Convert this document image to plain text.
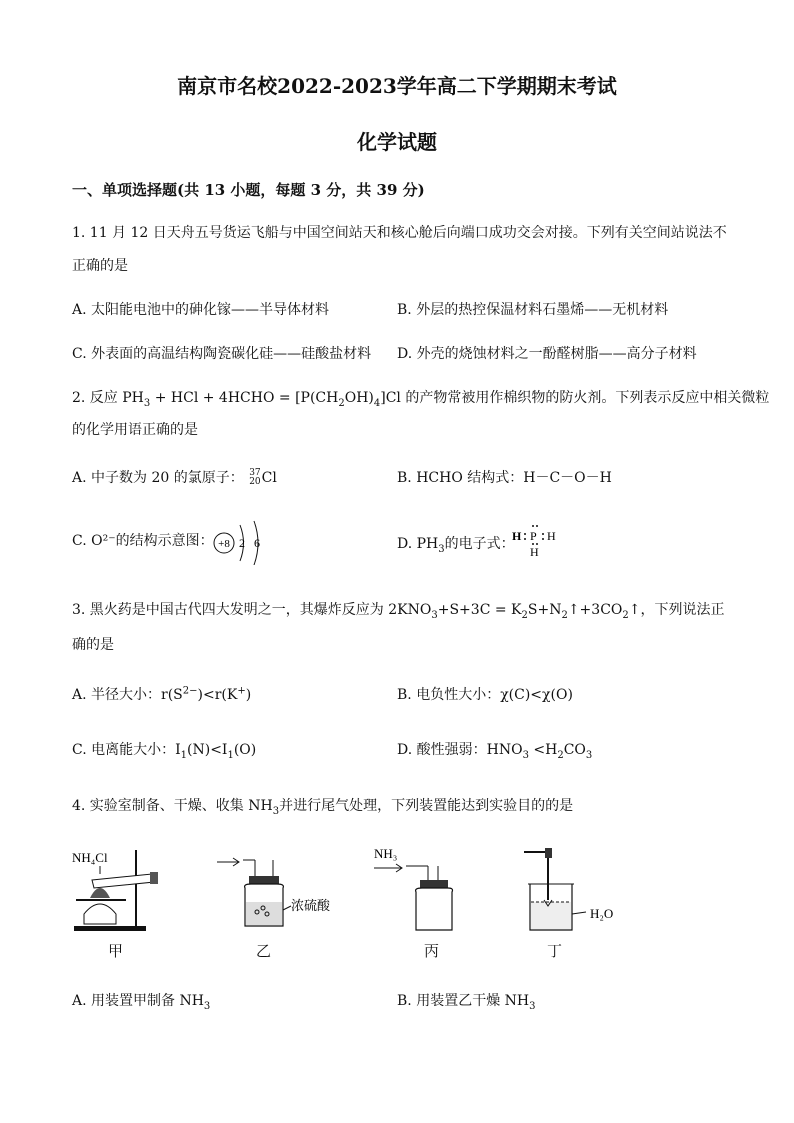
南京市名校2022-2023学年高二下学期期末考试
化学试题
一、单项选择题(共 13 小题，每题 3 分，共 39 分)
1. 11 月 12 日天舟五号货运飞船与中国空间站天和核心舱后向端口成功交会对接。下列有关空间站说法不
正确的是
A. 太阳能电池中的砷化镓——半导体材料	B. 外层的热控保温材料石墨烯——无机材料
C. 外表面的高温结构陶瓷碳化硅——硅酸盐材料 D. 外壳的烧蚀材料之一酚醛树脂——高分子材料
2. 反应 $PH_3$ + HCl + 4HCHO = $[P(CH_2OH)_4]Cl$ 的产物常被用作棉织物的防火剂。下列表示反应中相关微粒
的化学用语正确的是
A. 中子数为 20 的氯原子： 37
20 Cl	B. HCHO 结构式：H－C－O－H
C. O²⁻的结构示意图： +8 2 6	D. $PH_3$的电子式：
H P H
H
3. 黑火药是中国古代四大发明之一，其爆炸反应为 $2KNO_3+S+3C$ = $K_2S+N_2↑+3CO_2↑$，下列说法正
确的是
A. 半径大小：$r(S^{2-})<r(K^+)$	B. 电负性大小：χ(C)<χ(O)
C. 电离能大小：$I_1(N)<I_1(O)$	D. 酸性强弱：$HNO_3 <H_2CO_3$
4. 实验室制备、干燥、收集 $NH_3$并进行尾气处理，下列装置能达到实验目的的是
NH₄Cl
甲
浓硫酸
乙
NH₃
丙
H₂O
丁
A. 用装置甲制备 $NH_3$	B. 用装置乙干燥 $NH_3$
